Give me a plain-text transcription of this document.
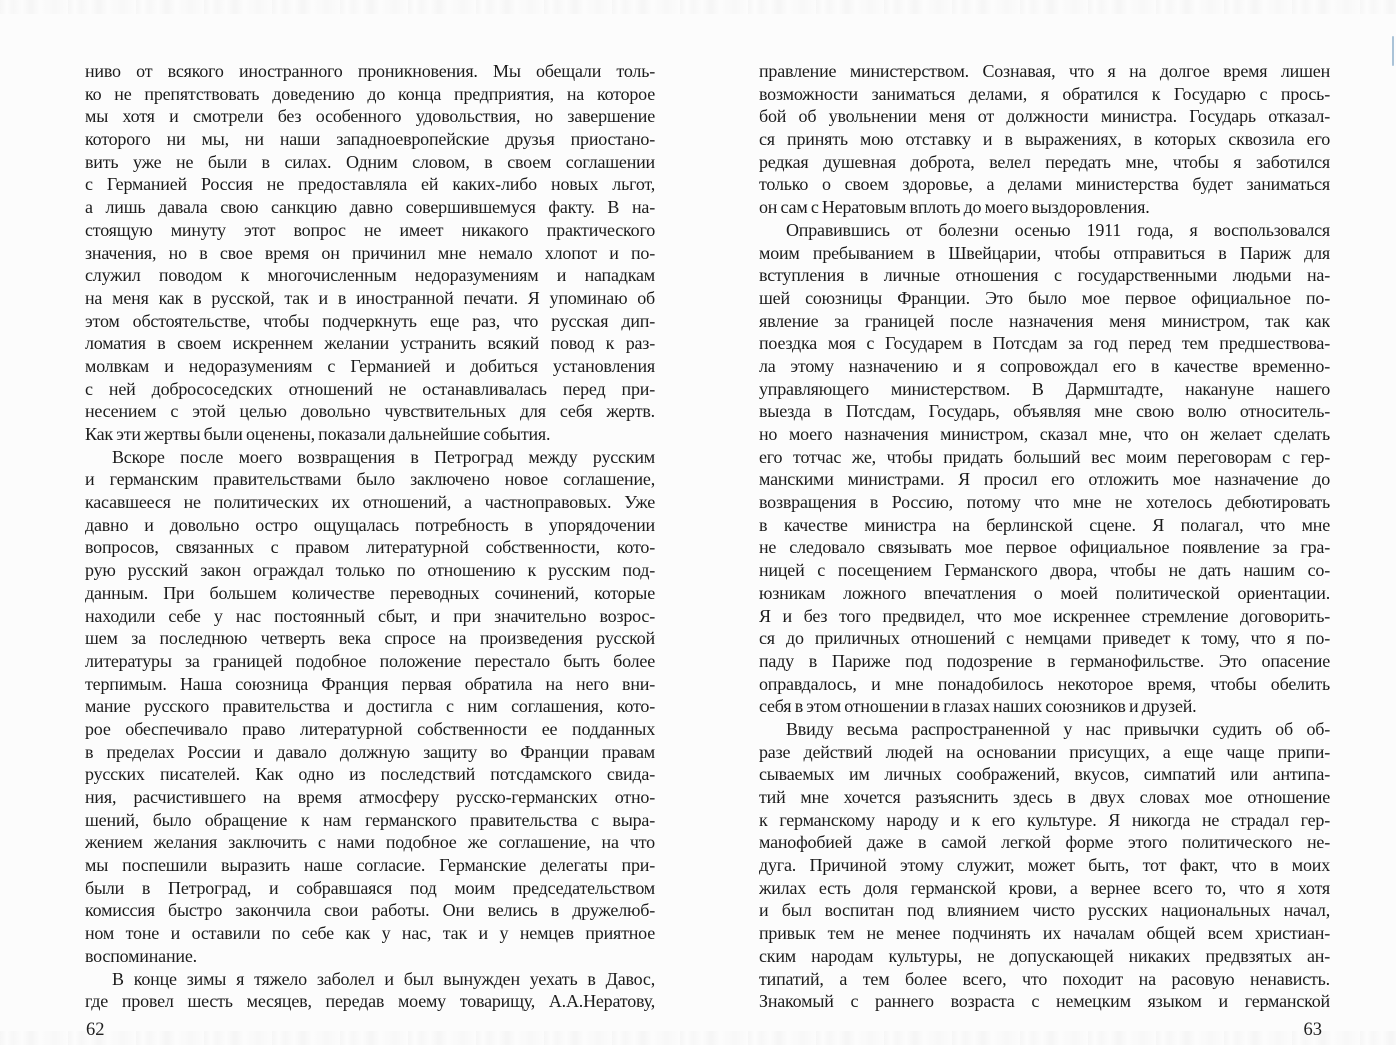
ниво от всякого иностранного проникновения. Мы обещали толь-
ко не препятствовать доведению до конца предприятия, на которое
мы хотя и смотрели без особенного удовольствия, но завершение
которого ни мы, ни наши западноевропейские друзья приостано-
вить уже не были в силах. Одним словом, в своем соглашении
с Германией Россия не предоставляла ей каких-либо новых льгот,
а лишь давала свою санкцию давно совершившемуся факту. В на-
стоящую минуту этот вопрос не имеет никакого практического
значения, но в свое время он причинил мне немало хлопот и по-
служил поводом к многочисленным недоразумениям и нападкам
на меня как в русской, так и в иностранной печати. Я упоминаю об
этом обстоятельстве, чтобы подчеркнуть еще раз, что русская дип-
ломатия в своем искреннем желании устранить всякий повод к раз-
молвкам и недоразумениям с Германией и добиться установления
с ней добрососедских отношений не останавливалась перед при-
несением с этой целью довольно чувствительных для себя жертв.
Как эти жертвы были оценены, показали дальнейшие события.
Вскоре после моего возвращения в Петроград между русским
и германским правительствами было заключено новое соглашение,
касавшееся не политических их отношений, а частноправовых. Уже
давно и довольно остро ощущалась потребность в упорядочении
вопросов, связанных с правом литературной собственности, кото-
рую русский закон ограждал только по отношению к русским под-
данным. При большем количестве переводных сочинений, которые
находили себе у нас постоянный сбыт, и при значительно возрос-
шем за последнюю четверть века спросе на произведения русской
литературы за границей подобное положение перестало быть более
терпимым. Наша союзница Франция первая обратила на него вни-
мание русского правительства и достигла с ним соглашения, кото-
рое обеспечивало право литературной собственности ее подданных
в пределах России и давало должную защиту во Франции правам
русских писателей. Как одно из последствий потсдамского свида-
ния, расчистившего на время атмосферу русско-германских отно-
шений, было обращение к нам германского правительства с выра-
жением желания заключить с нами подобное же соглашение, на что
мы поспешили выразить наше согласие. Германские делегаты при-
были в Петроград, и собравшаяся под моим председательством
комиссия быстро закончила свои работы. Они велись в дружелюб-
ном тоне и оставили по себе как у нас, так и у немцев приятное
воспоминание.
В конце зимы я тяжело заболел и был вынужден уехать в Давос,
где провел шесть месяцев, передав моему товарищу, А.А.Нератову,
правление министерством. Сознавая, что я на долгое время лишен
возможности заниматься делами, я обратился к Государю с прось-
бой об увольнении меня от должности министра. Государь отказал-
ся принять мою отставку и в выражениях, в которых сквозила его
редкая душевная доброта, велел передать мне, чтобы я заботился
только о своем здоровье, а делами министерства будет заниматься
он сам с Нератовым вплоть до моего выздоровления.
Оправившись от болезни осенью 1911 года, я воспользовался
моим пребыванием в Швейцарии, чтобы отправиться в Париж для
вступления в личные отношения с государственными людьми на-
шей союзницы Франции. Это было мое первое официальное по-
явление за границей после назначения меня министром, так как
поездка моя с Государем в Потсдам за год перед тем предшествова-
ла этому назначению и я сопровождал его в качестве временно-
управляющего министерством. В Дармштадте, накануне нашего
выезда в Потсдам, Государь, объявляя мне свою волю относитель-
но моего назначения министром, сказал мне, что он желает сделать
его тотчас же, чтобы придать больший вес моим переговорам с гер-
манскими министрами. Я просил его отложить мое назначение до
возвращения в Россию, потому что мне не хотелось дебютировать
в качестве министра на берлинской сцене. Я полагал, что мне
не следовало связывать мое первое официальное появление за гра-
ницей с посещением Германского двора, чтобы не дать нашим со-
юзникам ложного впечатления о моей политической ориентации.
Я и без того предвидел, что мое искреннее стремление договорить-
ся до приличных отношений с немцами приведет к тому, что я по-
паду в Париже под подозрение в германофильстве. Это опасение
оправдалось, и мне понадобилось некоторое время, чтобы обелить
себя в этом отношении в глазах наших союзников и друзей.
Ввиду весьма распространенной у нас привычки судить об об-
разе действий людей на основании присущих, а еще чаще припи-
сываемых им личных соображений, вкусов, симпатий или антипа-
тий мне хочется разъяснить здесь в двух словах мое отношение
к германскому народу и к его культуре. Я никогда не страдал гер-
манофобией даже в самой легкой форме этого политического не-
дуга. Причиной этому служит, может быть, тот факт, что в моих
жилах есть доля германской крови, а вернее всего то, что я хотя
и был воспитан под влиянием чисто русских национальных начал,
привык тем не менее подчинять их началам общей всем христиан-
ским народам культуры, не допускающей никаких предвзятых ан-
типатий, а тем более всего, что походит на расовую ненависть.
Знакомый с раннего возраста с немецким языком и германской
62	63
